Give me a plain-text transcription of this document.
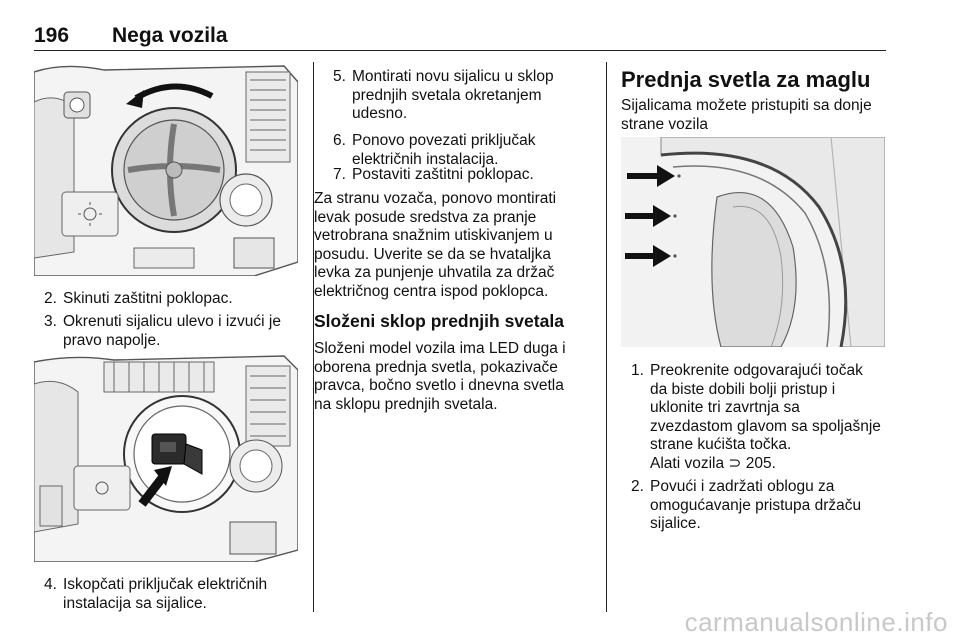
196 Nega vozila
2. Skinuti zaštitni poklopac.
3. Okrenuti sijalicu ulevo i izvući je
pravo napolje.
4. Iskopčati priključak električnih
instalacija sa sijalice.
5. Montirati novu sijalicu u sklop
prednjih svetala okretanjem
udesno.
6. Ponovo povezati priključak
električnih instalacija.
7. Postaviti zaštitni poklopac.
Za stranu vozača, ponovo montirati
levak posude sredstva za pranje
vetrobrana snažnim utiskivanjem u
posudu. Uverite se da se hvataljka
levka za punjenje uhvatila za držač
električnog centra ispod poklopca.
Složeni sklop prednjih svetala
Složeni model vozila ima LED duga i
oborena prednja svetla, pokazivače
pravca, bočno svetlo i dnevna svetla
na sklopu prednjih svetala.
Prednja svetla za maglu
Sijalicama možete pristupiti sa donje
strane vozila
1. Preokrenite odgovarajući točak
da biste dobili bolji pristup i
uklonite tri zavrtnja sa
zvezdastom glavom sa spoljašnje
strane kućišta točka.
Alati vozila ⊃ 205.
2. Povući i zadržati oblogu za
omogućavanje pristupa držaču
sijalice.
carmanualsonline.info
